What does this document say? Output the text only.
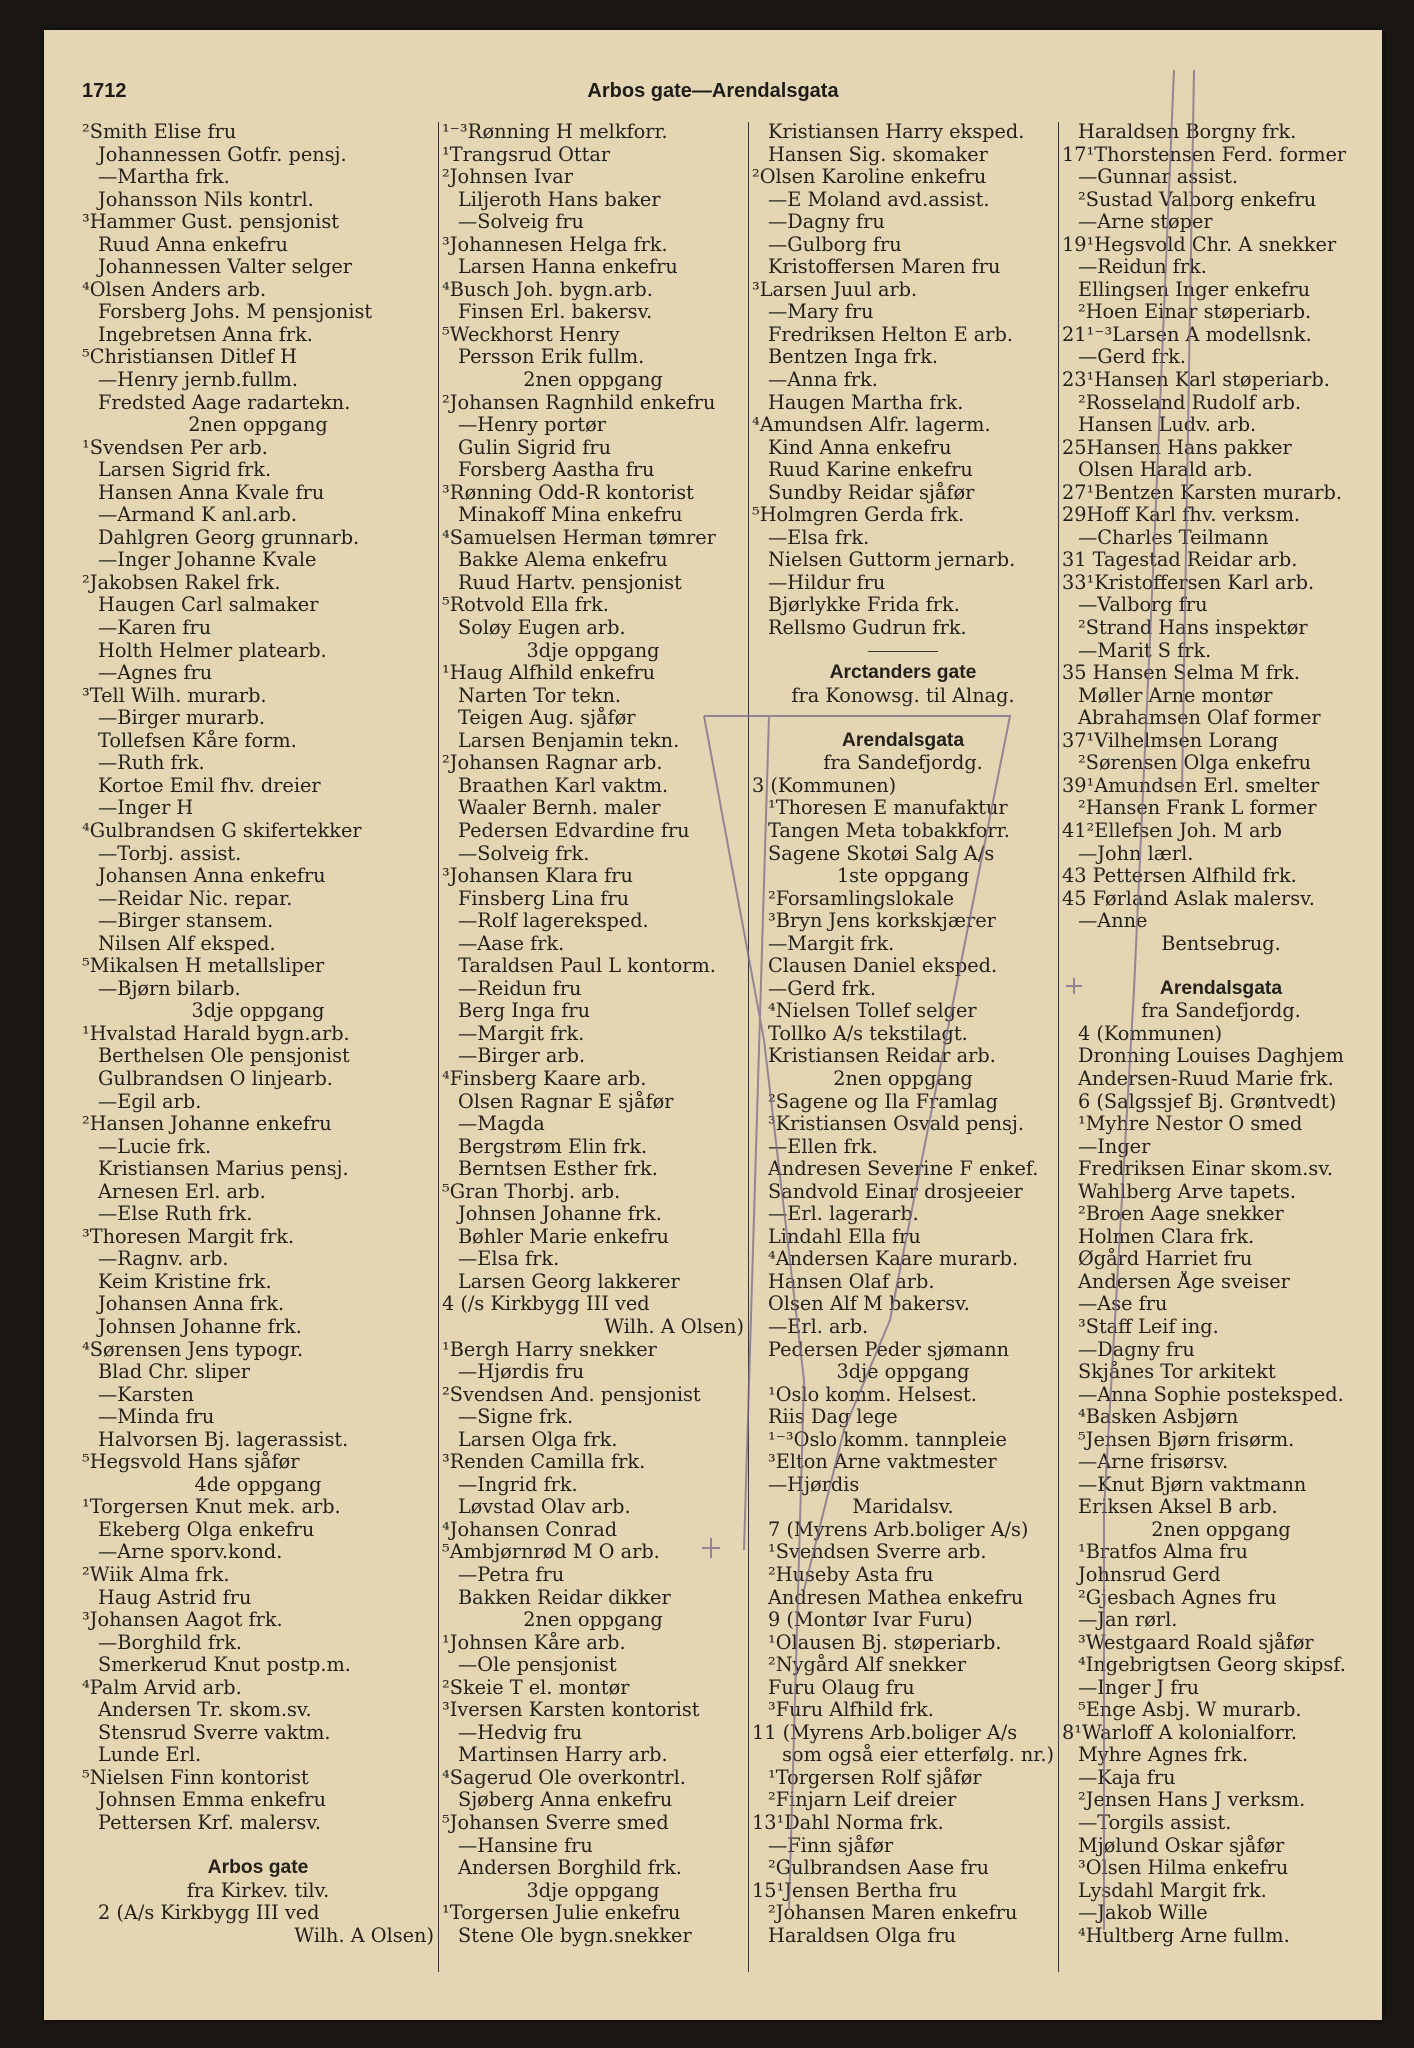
1712	Arbos gate—Arendalsgata
²Smith Elise fru
Johannessen Gotfr. pensj.
—Martha frk.
Johansson Nils kontrl.
³Hammer Gust. pensjonist
Ruud Anna enkefru
Johannessen Valter selger
⁴Olsen Anders arb.
Forsberg Johs. M pensjonist
Ingebretsen Anna frk.
⁵Christiansen Ditlef H
—Henry jernb.fullm.
Fredsted Aage radartekn.
2nen oppgang
¹Svendsen Per arb.
Larsen Sigrid frk.
Hansen Anna Kvale fru
—Armand K anl.arb.
Dahlgren Georg grunnarb.
—Inger Johanne Kvale
²Jakobsen Rakel frk.
Haugen Carl salmaker
—Karen fru
Holth Helmer platearb.
—Agnes fru
³Tell Wilh. murarb.
—Birger murarb.
Tollefsen Kåre form.
—Ruth frk.
Kortoe Emil fhv. dreier
—Inger H
⁴Gulbrandsen G skifertekker
—Torbj. assist.
Johansen Anna enkefru
—Reidar Nic. repar.
—Birger stansem.
Nilsen Alf eksped.
⁵Mikalsen H metallsliper
—Bjørn bilarb.
3dje oppgang
¹Hvalstad Harald bygn.arb.
Berthelsen Ole pensjonist
Gulbrandsen O linjearb.
—Egil arb.
²Hansen Johanne enkefru
—Lucie frk.
Kristiansen Marius pensj.
Arnesen Erl. arb.
—Else Ruth frk.
³Thoresen Margit frk.
—Ragnv. arb.
Keim Kristine frk.
Johansen Anna frk.
Johnsen Johanne frk.
⁴Sørensen Jens typogr.
Blad Chr. sliper
—Karsten
—Minda fru
Halvorsen Bj. lagerassist.
⁵Hegsvold Hans sjåfør
4de oppgang
¹Torgersen Knut mek. arb.
Ekeberg Olga enkefru
—Arne sporv.kond.
²Wiik Alma frk.
Haug Astrid fru
³Johansen Aagot frk.
—Borghild frk.
Smerkerud Knut postp.m.
⁴Palm Arvid arb.
Andersen Tr. skom.sv.
Stensrud Sverre vaktm.
Lunde Erl.
⁵Nielsen Finn kontorist
Johnsen Emma enkefru
Pettersen Krf. malersv.
Arbos gate
fra Kirkev. tilv.
2 (A/s Kirkbygg III ved
Wilh. A Olsen)
¹⁻³Rønning H melkforr.
¹Trangsrud Ottar
²Johnsen Ivar
Liljeroth Hans baker
—Solveig fru
³Johannesen Helga frk.
Larsen Hanna enkefru
⁴Busch Joh. bygn.arb.
Finsen Erl. bakersv.
⁵Weckhorst Henry
Persson Erik fullm.
2nen oppgang
²Johansen Ragnhild enkefru
—Henry portør
Gulin Sigrid fru
Forsberg Aastha fru
³Rønning Odd-R kontorist
Minakoff Mina enkefru
⁴Samuelsen Herman tømrer
Bakke Alema enkefru
Ruud Hartv. pensjonist
⁵Rotvold Ella frk.
Soløy Eugen arb.
3dje oppgang
¹Haug Alfhild enkefru
Narten Tor tekn.
Teigen Aug. sjåfør
Larsen Benjamin tekn.
²Johansen Ragnar arb.
Braathen Karl vaktm.
Waaler Bernh. maler
Pedersen Edvardine fru
—Solveig frk.
³Johansen Klara fru
Finsberg Lina fru
—Rolf lagereksped.
—Aase frk.
Taraldsen Paul L kontorm.
—Reidun fru
Berg Inga fru
—Margit frk.
—Birger arb.
⁴Finsberg Kaare arb.
Olsen Ragnar E sjåfør
—Magda
Bergstrøm Elin frk.
Berntsen Esther frk.
⁵Gran Thorbj. arb.
Johnsen Johanne frk.
Bøhler Marie enkefru
—Elsa frk.
Larsen Georg lakkerer
4 (/s Kirkbygg III ved
Wilh. A Olsen)
¹Bergh Harry snekker
—Hjørdis fru
²Svendsen And. pensjonist
—Signe frk.
Larsen Olga frk.
³Renden Camilla frk.
—Ingrid frk.
Løvstad Olav arb.
⁴Johansen Conrad
⁵Ambjørnrød M O arb.
—Petra fru
Bakken Reidar dikker
2nen oppgang
¹Johnsen Kåre arb.
—Ole pensjonist
²Skeie T el. montør
³Iversen Karsten kontorist
—Hedvig fru
Martinsen Harry arb.
⁴Sagerud Ole overkontrl.
Sjøberg Anna enkefru
⁵Johansen Sverre smed
—Hansine fru
Andersen Borghild frk.
3dje oppgang
¹Torgersen Julie enkefru
Stene Ole bygn.snekker
Kristiansen Harry eksped.
Hansen Sig. skomaker
²Olsen Karoline enkefru
—E Moland avd.assist.
—Dagny fru
—Gulborg fru
Kristoffersen Maren fru
³Larsen Juul arb.
—Mary fru
Fredriksen Helton E arb.
Bentzen Inga frk.
—Anna frk.
Haugen Martha frk.
⁴Amundsen Alfr. lagerm.
Kind Anna enkefru
Ruud Karine enkefru
Sundby Reidar sjåfør
⁵Holmgren Gerda frk.
—Elsa frk.
Nielsen Guttorm jernarb.
—Hildur fru
Bjørlykke Frida frk.
Rellsmo Gudrun frk.
Arctanders gate
fra Konowsg. til Alnag.
Arendalsgata
fra Sandefjordg.
3 (Kommunen)
¹Thoresen E manufaktur
Tangen Meta tobakkforr.
Sagene Skotøi Salg A/s
1ste oppgang
²Forsamlingslokale
³Bryn Jens korkskjærer
—Margit frk.
Clausen Daniel eksped.
—Gerd frk.
⁴Nielsen Tollef selger
Tollko A/s tekstilagt.
Kristiansen Reidar arb.
2nen oppgang
²Sagene og Ila Framlag
³Kristiansen Osvald pensj.
—Ellen frk.
Andresen Severine F enkef.
Sandvold Einar drosjeeier
—Erl. lagerarb.
Lindahl Ella fru
⁴Andersen Kaare murarb.
Hansen Olaf arb.
Olsen Alf M bakersv.
—Erl. arb.
Pedersen Peder sjømann
3dje oppgang
¹Oslo komm. Helsest.
Riis Dag lege
¹⁻³Oslo komm. tannpleie
³Elton Arne vaktmester
—Hjørdis
Maridalsv.
7 (Myrens Arb.boliger A/s)
¹Svendsen Sverre arb.
²Huseby Asta fru
Andresen Mathea enkefru
9 (Montør Ivar Furu)
¹Olausen Bj. støperiarb.
²Nygård Alf snekker
Furu Olaug fru
³Furu Alfhild frk.
11 (Myrens Arb.boliger A/s
som også eier etterfølg. nr.)
¹Torgersen Rolf sjåfør
²Finjarn Leif dreier
13¹Dahl Norma frk.
—Finn sjåfør
²Gulbrandsen Aase fru
15¹Jensen Bertha fru
²Johansen Maren enkefru
Haraldsen Olga fru
Haraldsen Borgny frk.
17¹Thorstensen Ferd. former
—Gunnar assist.
²Sustad Valborg enkefru
—Arne støper
19¹Hegsvold Chr. A snekker
—Reidun frk.
Ellingsen Inger enkefru
²Hoen Einar støperiarb.
21¹⁻³Larsen A modellsnk.
—Gerd frk.
23¹Hansen Karl støperiarb.
²Rosseland Rudolf arb.
Hansen Ludv. arb.
25Hansen Hans pakker
Olsen Harald arb.
27¹Bentzen Karsten murarb.
29Hoff Karl fhv. verksm.
—Charles Teilmann
31 Tagestad Reidar arb.
33¹Kristoffersen Karl arb.
—Valborg fru
²Strand Hans inspektør
—Marit S frk.
35 Hansen Selma M frk.
Møller Arne montør
Abrahamsen Olaf former
37¹Vilhelmsen Lorang
²Sørensen Olga enkefru
39¹Amundsen Erl. smelter
²Hansen Frank L former
41²Ellefsen Joh. M arb
—John lærl.
43 Pettersen Alfhild frk.
45 Førland Aslak malersv.
—Anne
Bentsebrug.
Arendalsgata
fra Sandefjordg.
4 (Kommunen)
Dronning Louises Daghjem
Andersen-Ruud Marie frk.
6 (Salgssjef Bj. Grøntvedt)
¹Myhre Nestor O smed
—Inger
Fredriksen Einar skom.sv.
Wahlberg Arve tapets.
²Broen Aage snekker
Holmen Clara frk.
Øgård Harriet fru
Andersen Åge sveiser
—Ase fru
³Staff Leif ing.
—Dagny fru
Skjånes Tor arkitekt
—Anna Sophie posteksped.
⁴Basken Asbjørn
⁵Jensen Bjørn frisørm.
—Arne frisørsv.
—Knut Bjørn vaktmann
Eriksen Aksel B arb.
2nen oppgang
¹Bratfos Alma fru
Johnsrud Gerd
²Gjesbach Agnes fru
—Jan rørl.
³Westgaard Roald sjåfør
⁴Ingebrigtsen Georg skipsf.
—Inger J fru
⁵Enge Asbj. W murarb.
8¹Warloff A kolonialforr.
Myhre Agnes frk.
—Kaja fru
²Jensen Hans J verksm.
—Torgils assist.
Mjølund Oskar sjåfør
³Olsen Hilma enkefru
Lysdahl Margit frk.
—Jakob Wille
⁴Hultberg Arne fullm.
